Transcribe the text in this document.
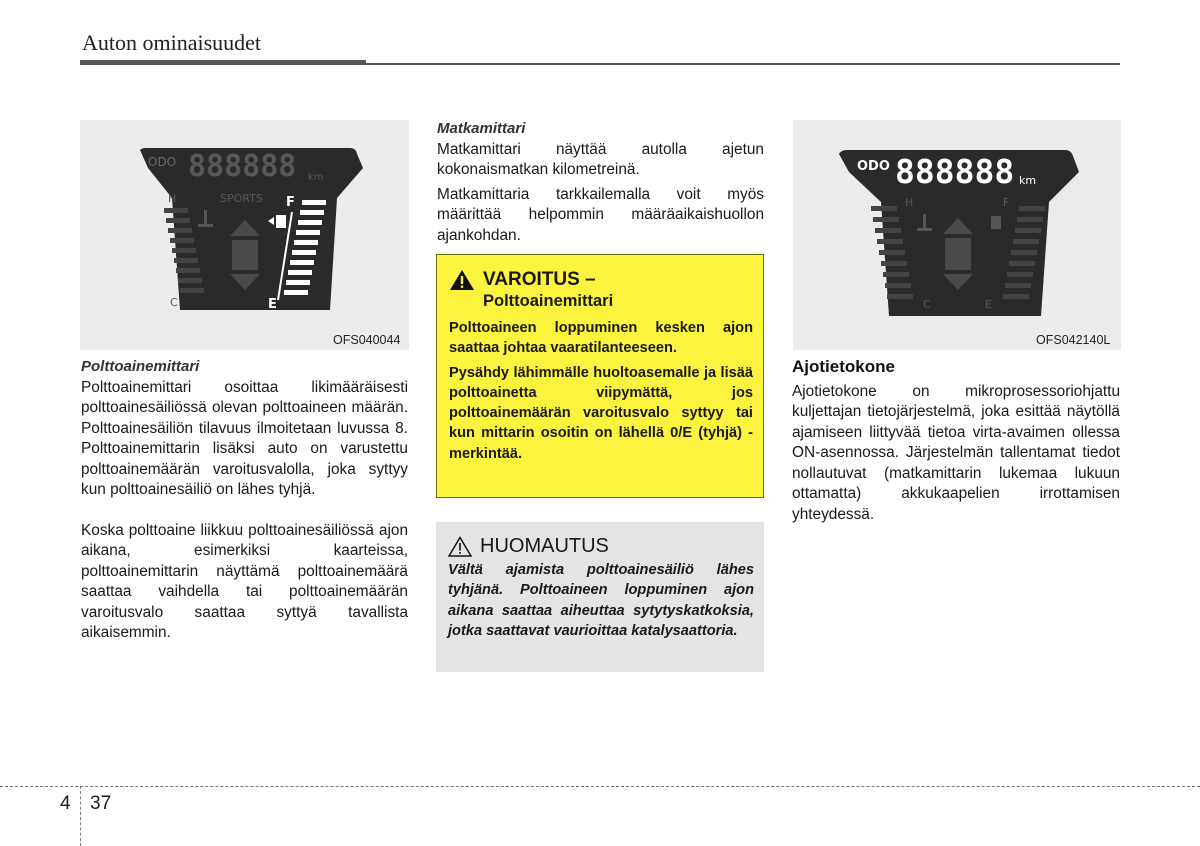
Auton ominaisuudet
ODO 888888 km
H	SPORTS
C
F
E
OFS040044

Polttoainemittari

Polttoainemittari osoittaa likimääräisesti polttoainesäiliössä olevan polttoaineen määrän. Polttoainesäiliön tilavuus ilmoitetaan luvussa 8. Polttoainemittarin lisäksi auto on varustettu polttoainemäärän varoitusvalolla, joka syttyy kun polttoainesäiliö on lähes tyhjä.

Koska polttoaine liikkuu polttoainesäiliössä ajon aikana, esimerkiksi kaarteissa, polttoainemittarin näyttämä polttoainemäärä saattaa vaihdella tai polttoainemäärän varoitusvalo saattaa syttyä tavallista aikaisemmin.

Matkamittari

Matkamittari näyttää autolla ajetun kokonaismatkan kilometreinä.

Matkamittaria tarkkailemalla voit myös määrittää helpommin määräaikaishuollon ajankohdan.

VAROITUS –
Polttoainemittari

Polttoaineen loppuminen kesken ajon saattaa johtaa vaaratilanteeseen.

Pysähdy lähimmälle huoltoasemalle ja lisää polttoainetta viipymättä, jos polttoainemäärän varoitusvalo syttyy tai kun mittarin osoitin on lähellä 0/E (tyhjä) -merkintää.

HUOMAUTUS

Vältä ajamista polttoainesäiliö lähes tyhjänä. Polttoaineen loppuminen ajon aikana saattaa aiheuttaa sytytyskatkoksia, jotka saattavat vaurioittaa katalysaattoria.

ODO 888888 km
H
C
F
E
OFS042140L

Ajotietokone

Ajotietokone on mikroprosessoriohjattu kuljettajan tietojärjestelmä, joka esittää näytöllä ajamiseen liittyvää tietoa virta-avaimen ollessa ON-asennossa. Järjestelmän tallentamat tiedot nollautuvat (matkamittarin lukemaa lukuun ottamatta) akkukaapelien irrottamisen yhteydessä.

4 37
